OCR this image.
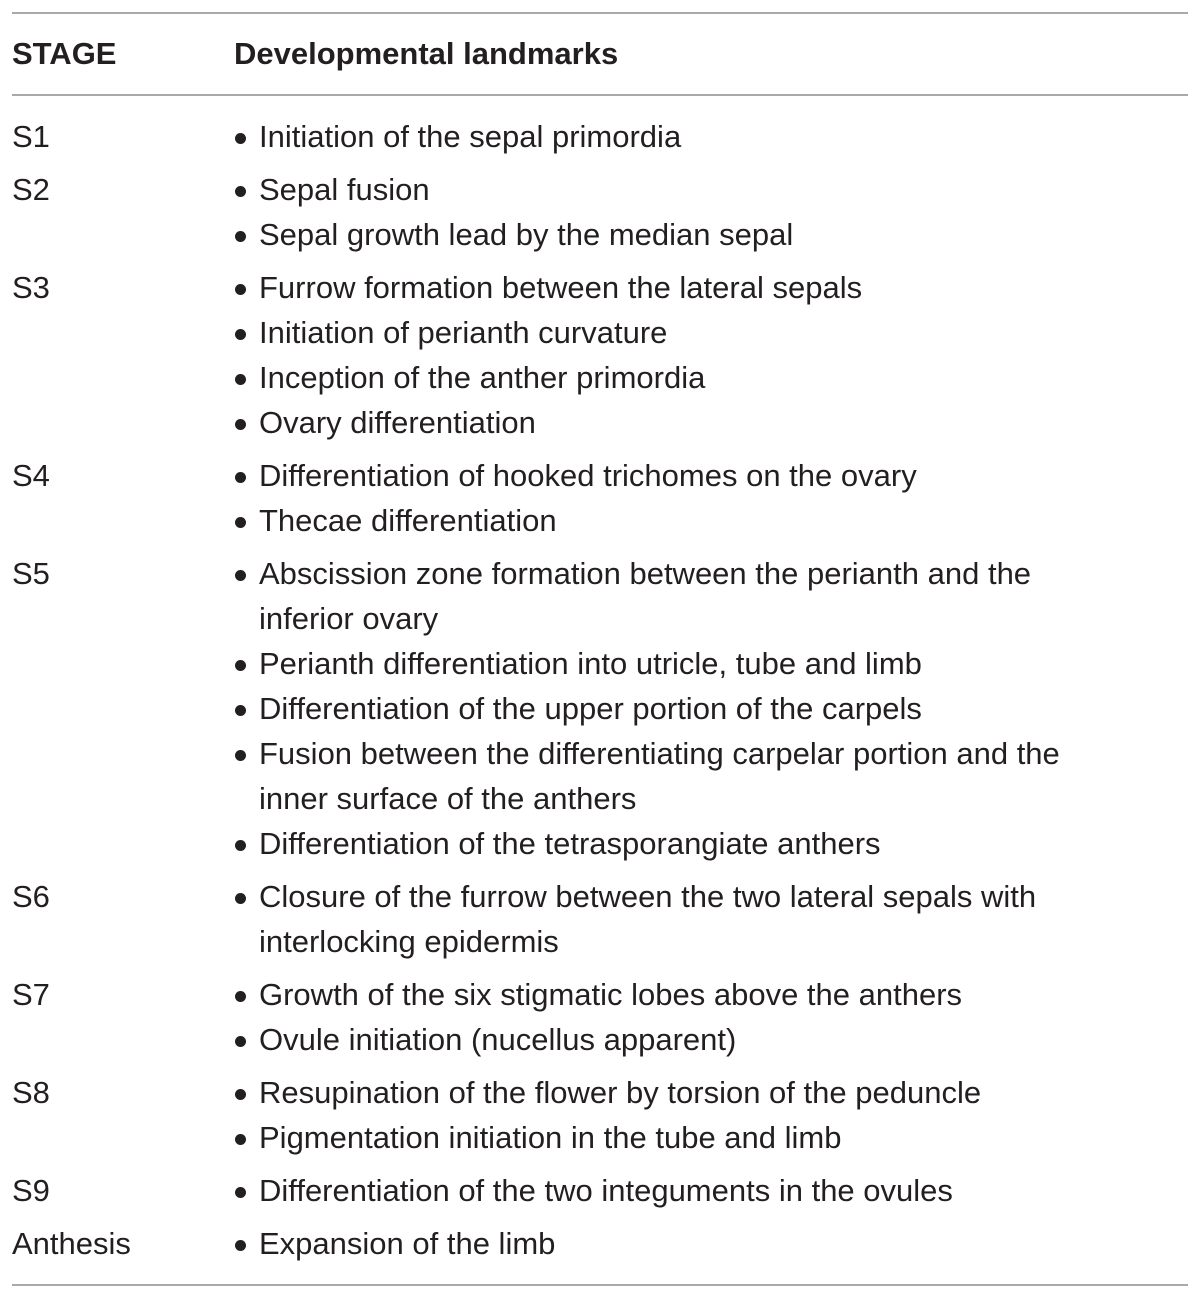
STAGE	Developmental landmarks
S1	Initiation of the sepal primordia
S2	Sepal fusion
Sepal growth lead by the median sepal
S3	Furrow formation between the lateral sepals
Initiation of perianth curvature
Inception of the anther primordia
Ovary differentiation
S4	Differentiation of hooked trichomes on the ovary
Thecae differentiation
S5	Abscission zone formation between the perianth and the inferior ovary
Perianth differentiation into utricle, tube and limb
Differentiation of the upper portion of the carpels
Fusion between the differentiating carpelar portion and the inner surface of the anthers
Differentiation of the tetrasporangiate anthers
S6	Closure of the furrow between the two lateral sepals with interlocking epidermis
S7	Growth of the six stigmatic lobes above the anthers
Ovule initiation (nucellus apparent)
S8	Resupination of the flower by torsion of the peduncle
Pigmentation initiation in the tube and limb
S9	Differentiation of the two integuments in the ovules
Anthesis	Expansion of the limb
